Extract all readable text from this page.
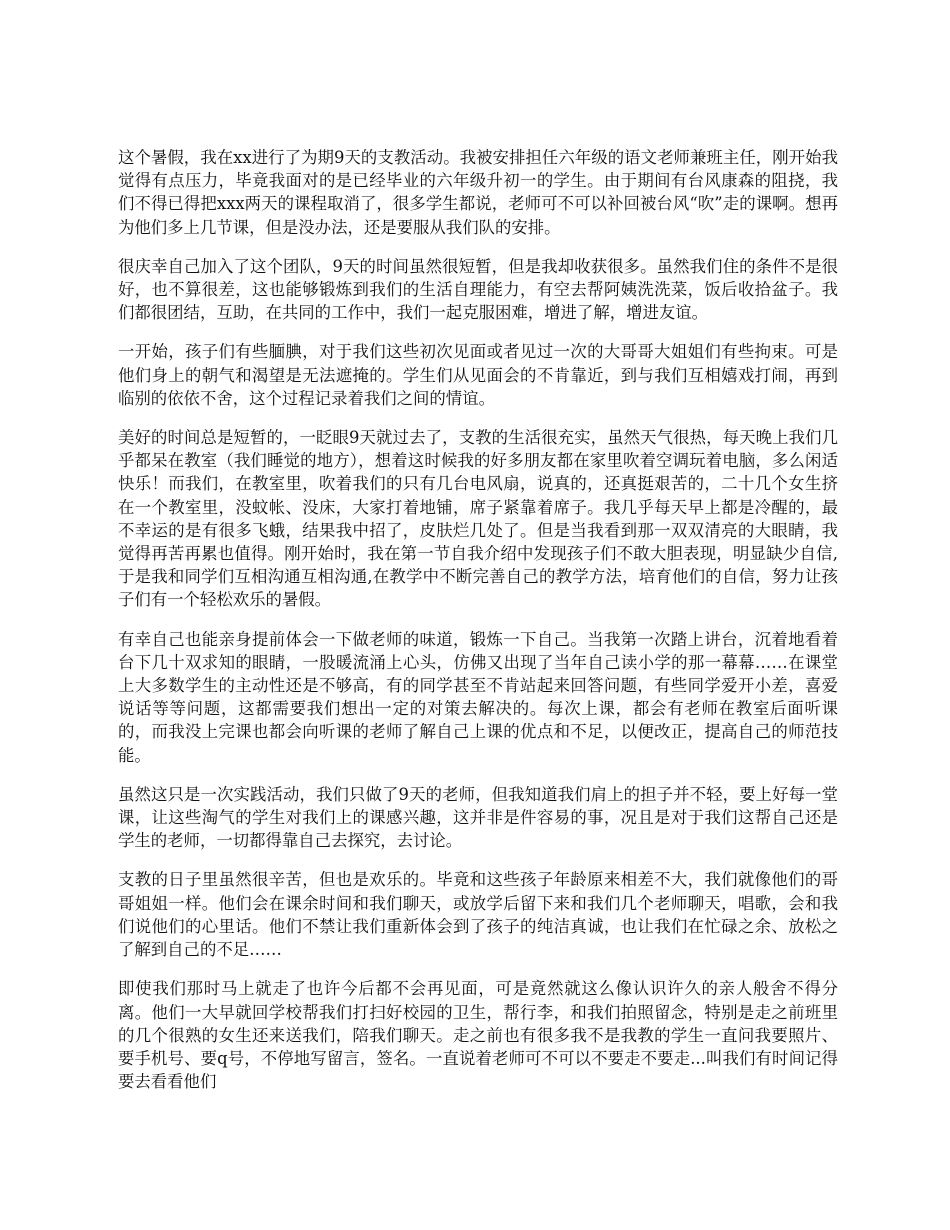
这个暑假，我在xx进行了为期9天的支教活动。我被安排担任六年级的语文老师兼班主任，刚开始我觉得有点压力，毕竟我面对的是已经毕业的六年级升初一的学生。由于期间有台风康森的阻挠，我们不得已得把xxx两天的课程取消了，很多学生都说，老师可不可以补回被台风“吹”走的课啊。想再为他们多上几节课，但是没办法，还是要服从我们队的安排。

很庆幸自己加入了这个团队，9天的时间虽然很短暂，但是我却收获很多。虽然我们住的条件不是很好，也不算很差，这也能够锻炼到我们的生活自理能力，有空去帮阿姨洗洗菜，饭后收拾盆子。我们都很团结，互助，在共同的工作中，我们一起克服困难，增进了解，增进友谊。

一开始，孩子们有些腼腆，对于我们这些初次见面或者见过一次的大哥哥大姐姐们有些拘束。可是他们身上的朝气和渴望是无法遮掩的。学生们从见面会的不肯靠近，到与我们互相嬉戏打闹，再到临别的依依不舍，这个过程记录着我们之间的情谊。

美好的时间总是短暂的，一眨眼9天就过去了，支教的生活很充实，虽然天气很热，每天晚上我们几乎都呆在教室（我们睡觉的地方），想着这时候我的好多朋友都在家里吹着空调玩着电脑，多么闲适快乐！而我们，在教室里，吹着我们的只有几台电风扇，说真的，还真挺艰苦的，二十几个女生挤在一个教室里，没蚊帐、没床，大家打着地铺，席子紧靠着席子。我几乎每天早上都是冷醒的，最不幸运的是有很多飞蛾，结果我中招了，皮肤烂几处了。但是当我看到那一双双清亮的大眼睛，我觉得再苦再累也值得。刚开始时，我在第一节自我介绍中发现孩子们不敢大胆表现，明显缺少自信,于是我和同学们互相沟通互相沟通,在教学中不断完善自己的教学方法，培育他们的自信，努力让孩子们有一个轻松欢乐的暑假。

有幸自己也能亲身提前体会一下做老师的味道，锻炼一下自己。当我第一次踏上讲台，沉着地看着台下几十双求知的眼睛，一股暖流涌上心头，仿佛又出现了当年自己读小学的那一幕幕……在课堂上大多数学生的主动性还是不够高，有的同学甚至不肯站起来回答问题，有些同学爱开小差，喜爱说话等等问题，这都需要我们想出一定的对策去解决的。每次上课，都会有老师在教室后面听课的，而我没上完课也都会向听课的老师了解自己上课的优点和不足，以便改正，提高自己的师范技能。

虽然这只是一次实践活动，我们只做了9天的老师，但我知道我们肩上的担子并不轻，要上好每一堂课，让这些淘气的学生对我们上的课感兴趣，这并非是件容易的事，况且是对于我们这帮自己还是学生的老师，一切都得靠自己去探究，去讨论。

支教的日子里虽然很辛苦，但也是欢乐的。毕竟和这些孩子年龄原来相差不大，我们就像他们的哥哥姐姐一样。他们会在课余时间和我们聊天，或放学后留下来和我们几个老师聊天，唱歌，会和我们说他们的心里话。他们不禁让我们重新体会到了孩子的纯洁真诚，也让我们在忙碌之余、放松之了解到自己的不足……

即使我们那时马上就走了也许今后都不会再见面，可是竟然就这么像认识许久的亲人般舍不得分离。他们一大早就回学校帮我们打扫好校园的卫生，帮行李，和我们拍照留念，特别是走之前班里的几个很熟的女生还来送我们，陪我们聊天。走之前也有很多我不是我教的学生一直问我要照片、要手机号、要q号，不停地写留言，签名。一直说着老师可不可以不要走不要走...叫我们有时间记得要去看看他们
